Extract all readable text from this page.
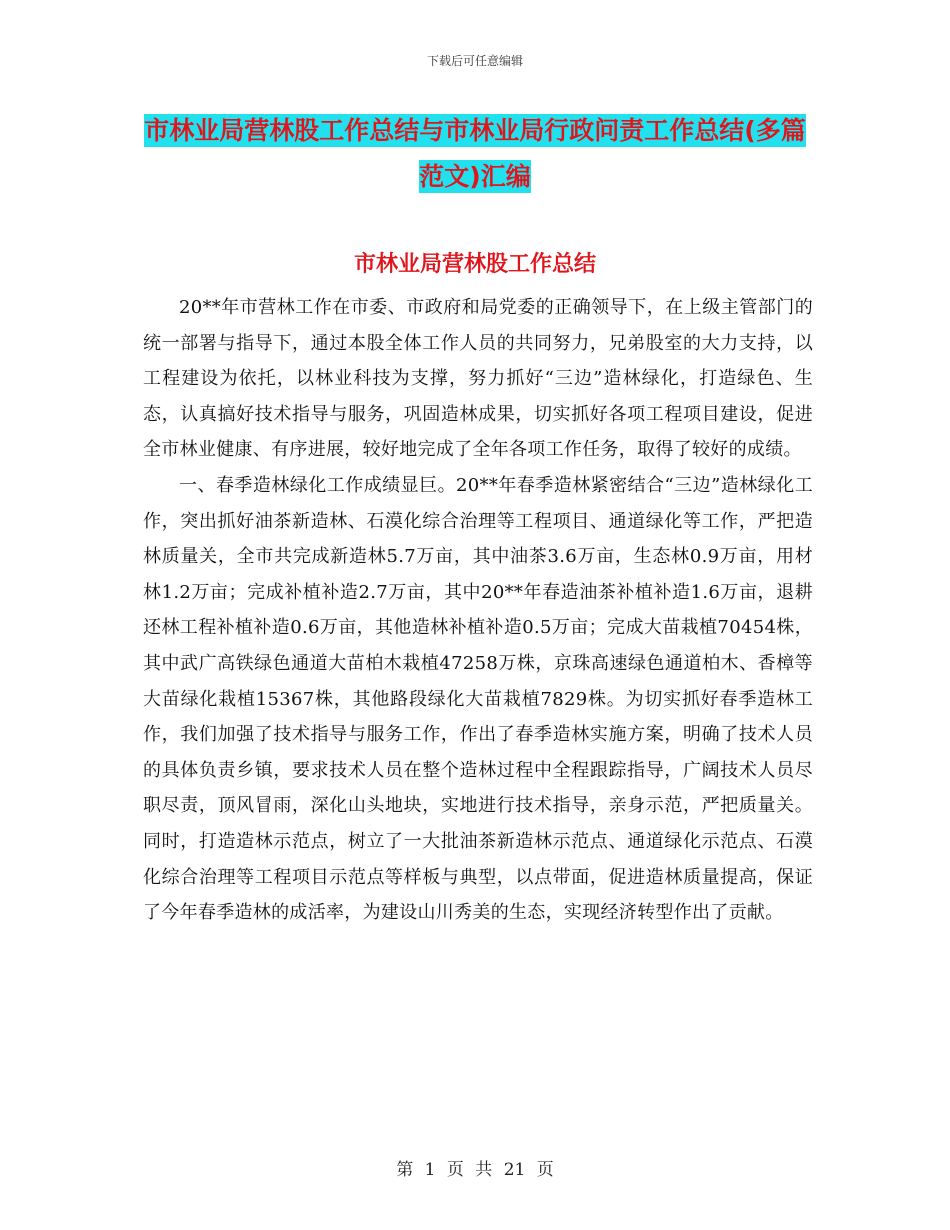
下载后可任意编辑
市林业局营林股工作总结与市林业局行政问责工作总结(多篇范文)汇编
市林业局营林股工作总结

20**年市营林工作在市委、市政府和局党委的正确领导下，在上级主管部门的统一部署与指导下，通过本股全体工作人员的共同努力，兄弟股室的大力支持，以工程建设为依托，以林业科技为支撑，努力抓好“三边”造林绿化，打造绿色、生态，认真搞好技术指导与服务，巩固造林成果，切实抓好各项工程项目建设，促进全市林业健康、有序进展，较好地完成了全年各项工作任务，取得了较好的成绩。

一、春季造林绿化工作成绩显巨。20**年春季造林紧密结合“三边”造林绿化工作，突出抓好油茶新造林、石漠化综合治理等工程项目、通道绿化等工作，严把造林质量关，全市共完成新造林5.7万亩，其中油茶3.6万亩，生态林0.9万亩，用材林1.2万亩；完成补植补造2.7万亩，其中20**年春造油茶补植补造1.6万亩，退耕还林工程补植补造0.6万亩，其他造林补植补造0.5万亩；完成大苗栽植70454株，其中武广高铁绿色通道大苗柏木栽植47258万株，京珠高速绿色通道柏木、香樟等大苗绿化栽植15367株，其他路段绿化大苗栽植7829株。为切实抓好春季造林工作，我们加强了技术指导与服务工作，作出了春季造林实施方案，明确了技术人员的具体负责乡镇，要求技术人员在整个造林过程中全程跟踪指导，广阔技术人员尽职尽责，顶风冒雨，深化山头地块，实地进行技术指导，亲身示范，严把质量关。同时，打造造林示范点，树立了一大批油茶新造林示范点、通道绿化示范点、石漠化综合治理等工程项目示范点等样板与典型，以点带面，促进造林质量提高，保证了今年春季造林的成活率，为建设山川秀美的生态，实现经济转型作出了贡献。

第 1 页 共 21 页
